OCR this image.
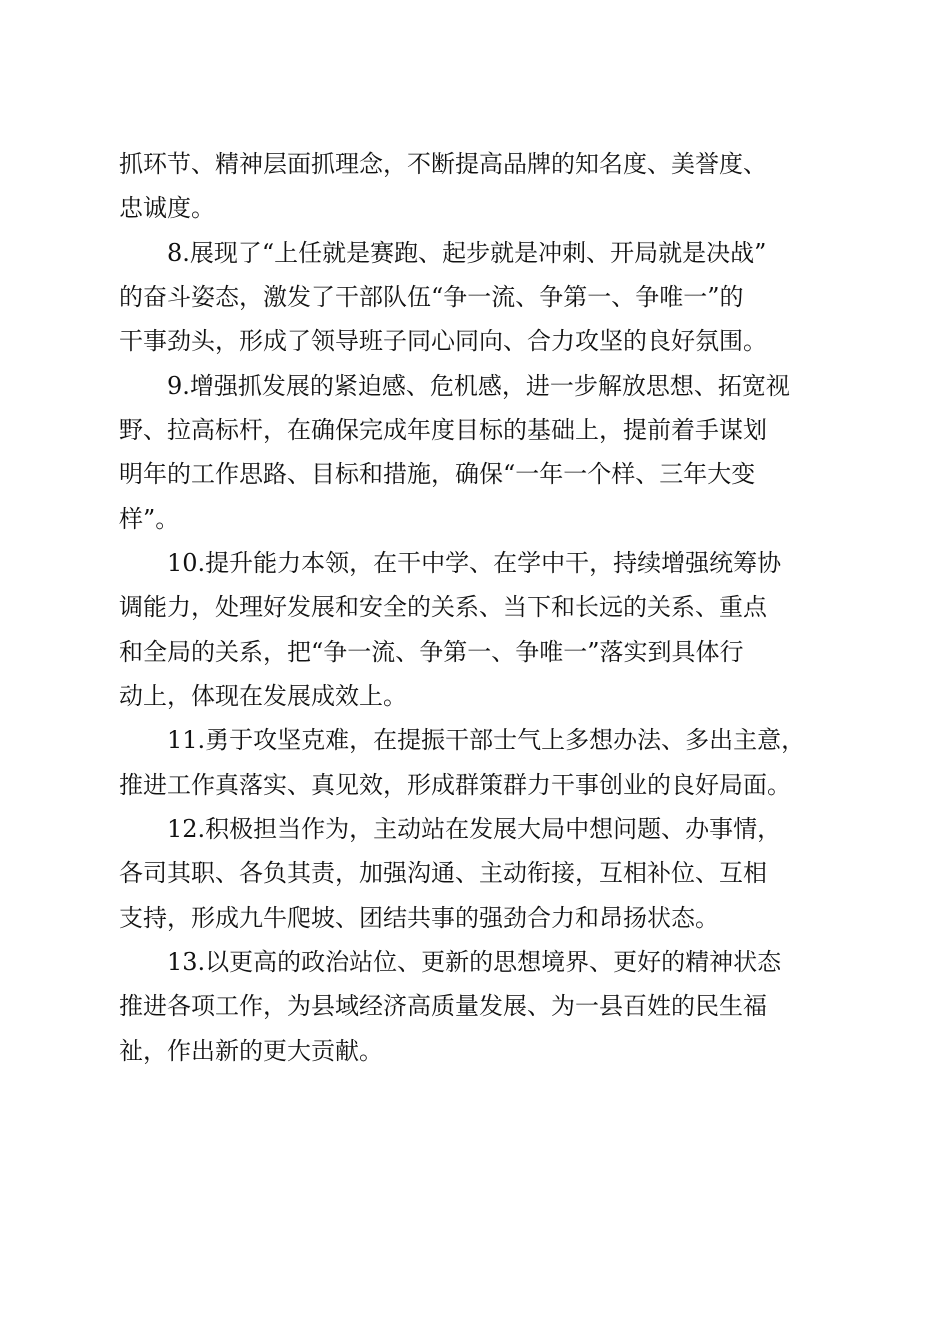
抓环节、精神层面抓理念，不断提高品牌的知名度、美誉度、
忠诚度。
8.展现了“上任就是赛跑、起步就是冲刺、开局就是决战”
的奋斗姿态，激发了干部队伍“争一流、争第一、争唯一”的
干事劲头，形成了领导班子同心同向、合力攻坚的良好氛围。
9.增强抓发展的紧迫感、危机感，进一步解放思想、拓宽视
野、拉高标杆，在确保完成年度目标的基础上，提前着手谋划
明年的工作思路、目标和措施，确保“一年一个样、三年大变
样”。
10.提升能力本领，在干中学、在学中干，持续增强统筹协
调能力，处理好发展和安全的关系、当下和长远的关系、重点
和全局的关系，把“争一流、争第一、争唯一”落实到具体行
动上，体现在发展成效上。
11.勇于攻坚克难，在提振干部士气上多想办法、多出主意，
推进工作真落实、真见效，形成群策群力干事创业的良好局面。
12.积极担当作为，主动站在发展大局中想问题、办事情，
各司其职、各负其责，加强沟通、主动衔接，互相补位、互相
支持，形成九牛爬坡、团结共事的强劲合力和昂扬状态。
13.以更高的政治站位、更新的思想境界、更好的精神状态
推进各项工作，为县域经济高质量发展、为一县百姓的民生福
祉，作出新的更大贡献。
